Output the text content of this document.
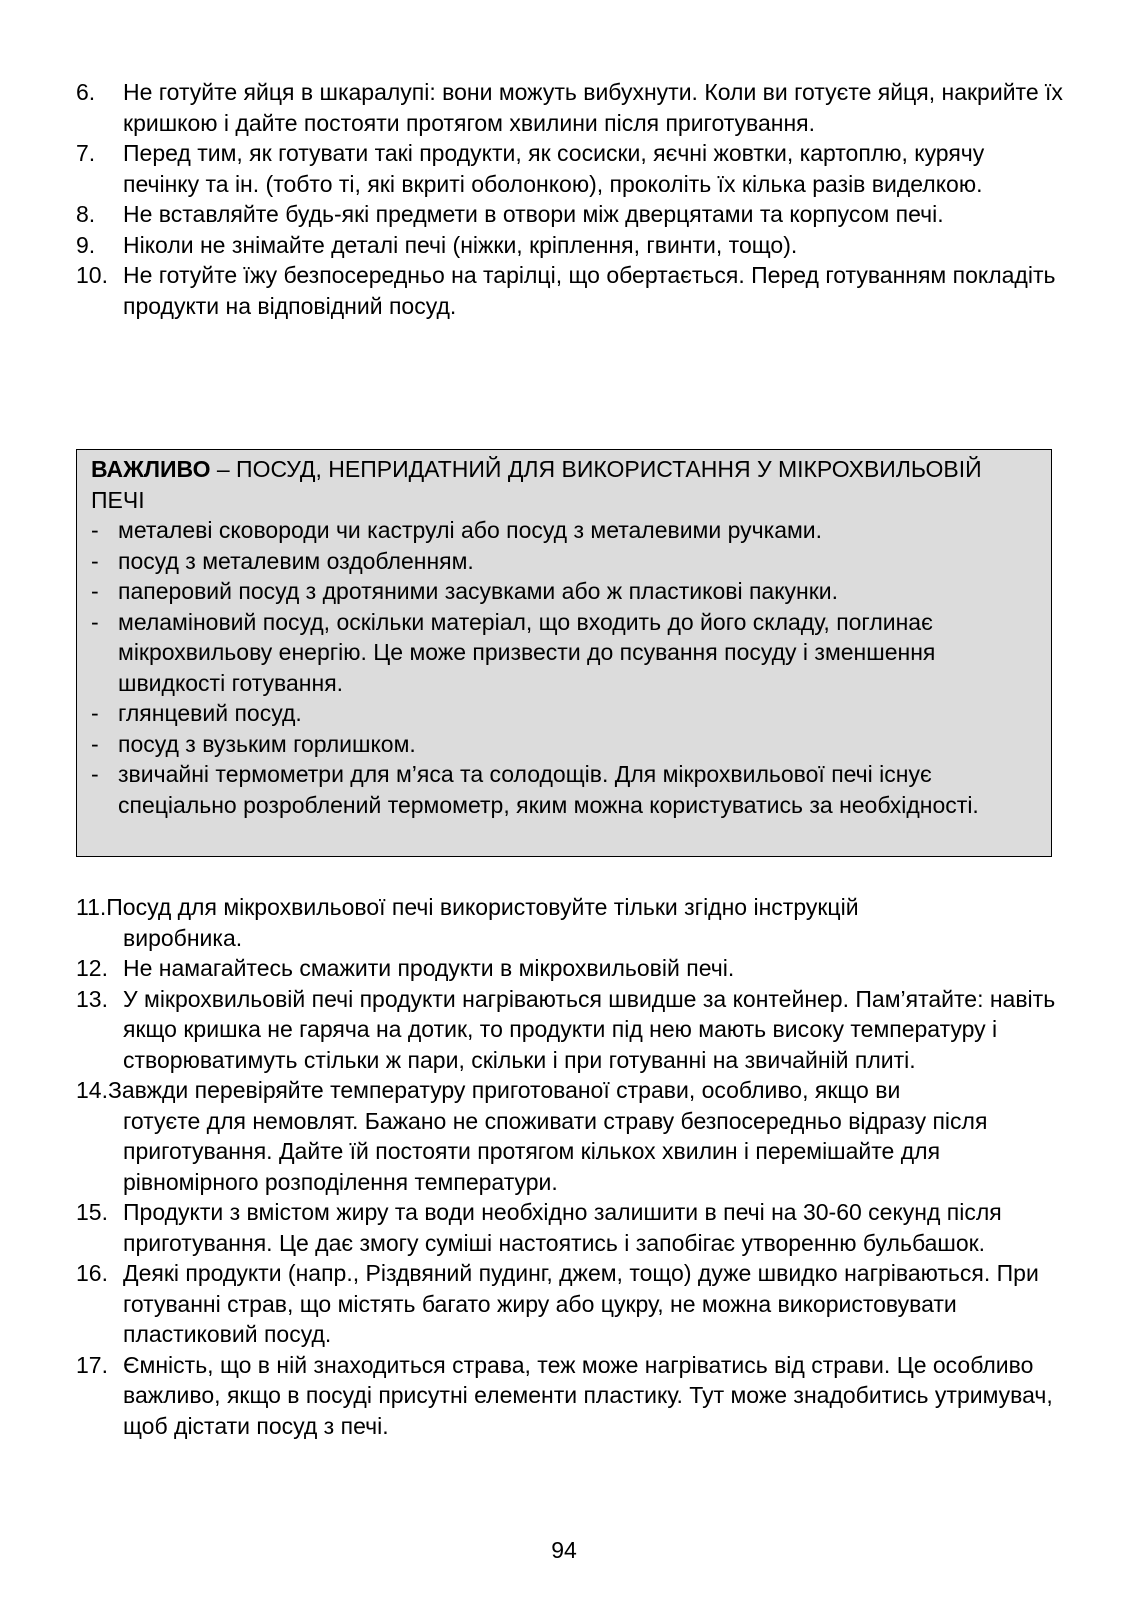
6. Не готуйте яйця в шкаралупі: вони можуть вибухнути. Коли ви готуєте яйця, накрийте їх кришкою і дайте постояти протягом хвилини після приготування.
7. Перед тим, як готувати такі продукти, як сосиски, яєчні жовтки, картоплю, курячу печінку та ін. (тобто ті, які вкриті оболонкою), проколіть їх кілька разів виделкою.
8. Не вставляйте будь-які предмети в отвори між дверцятами та корпусом печі.
9. Ніколи не знімайте деталі печі (ніжки, кріплення, гвинти, тощо).
10. Не готуйте їжу безпосередньо на тарілці, що обертається. Перед готуванням покладіть продукти на відповідний посуд.
ВАЖЛИВО – ПОСУД, НЕПРИДАТНИЙ ДЛЯ ВИКОРИСТАННЯ У МІКРОХВИЛЬОВІЙ ПЕЧІ
- металеві сковороди чи каструлі або посуд з металевими ручками.
- посуд з металевим оздобленням.
- паперовий посуд з дротяними засувками або ж пластикові пакунки.
- меламіновий посуд, оскільки матеріал, що входить до його складу, поглинає мікрохвильову енергію. Це може призвести до псування посуду і зменшення швидкості готування.
- глянцевий посуд.
- посуд з вузьким горлишком.
- звичайні термометри для м’яса та солодощів. Для мікрохвильової печі існує спеціально розроблений термометр, яким можна користуватись за необхідності.
11.Посуд для мікрохвильової печі використовуйте тільки згідно інструкцій
виробника.
12. Не намагайтесь смажити продукти в мікрохвильовій печі.
13. У мікрохвильовій печі продукти нагріваються швидше за контейнер. Пам’ятайте: навіть якщо кришка не гаряча на дотик, то продукти під нею мають високу температуру і створюватимуть стільки ж пари, скільки і при готуванні на звичайній плиті.
14.Завжди перевіряйте температуру приготованої страви, особливо, якщо ви
готуєте для немовлят. Бажано не споживати страву безпосередньо відразу після приготування. Дайте їй постояти протягом кількох хвилин і перемішайте для рівномірного розподілення температури.
15. Продукти з вмістом жиру та води необхідно залишити в печі на 30-60 секунд після приготування. Це дає змогу суміші настоятись і запобігає утворенню бульбашок.
16. Деякі продукти (напр., Різдвяний пудинг, джем, тощо) дуже швидко нагріваються. При готуванні страв, що містять багато жиру або цукру, не можна використовувати пластиковий посуд.
17. Ємність, що в ній знаходиться страва, теж може нагріватись від страви. Це особливо важливо, якщо в посуді присутні елементи пластику. Тут може знадобитись утримувач, щоб дістати посуд з печі.
94
